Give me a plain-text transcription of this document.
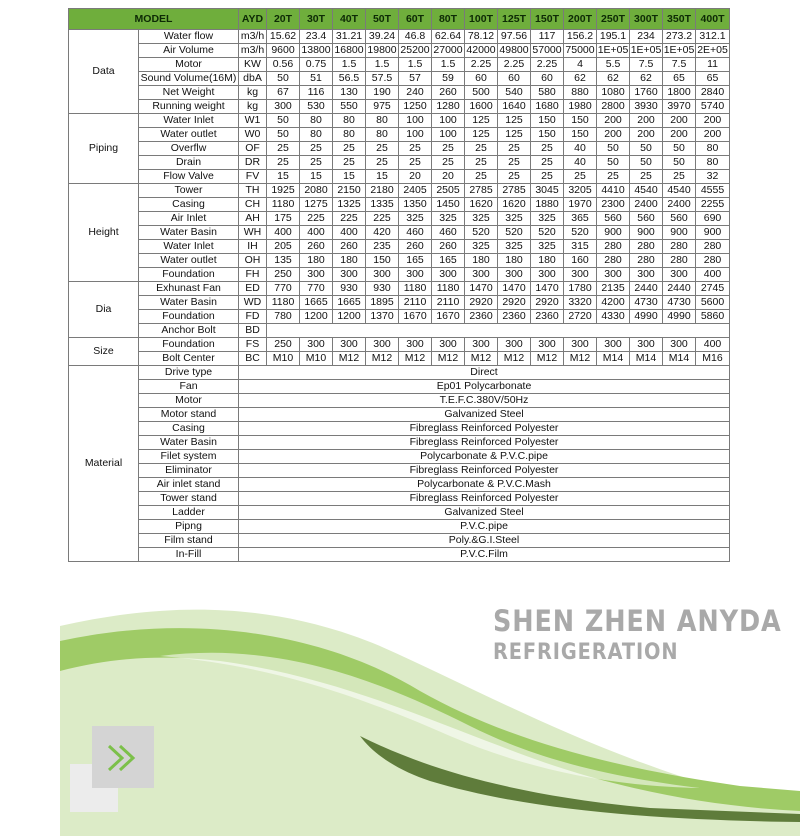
MODEL		AYD	20T	30T	40T	50T	60T	80T	100T	125T	150T	200T	250T	300T	350T	400T
Data	Water flow	m3/h	15.62	23.4	31.21	39.24	46.8	62.64	78.12	97.56	117	156.2	195.1	234	273.2	312.1
	Air Volume	m3/h	9600	13800	16800	19800	25200	27000	42000	49800	57000	75000	1E+05	1E+05	1E+05	2E+05
	Motor	KW	0.56	0.75	1.5	1.5	1.5	1.5	2.25	2.25	2.25	4	5.5	7.5	7.5	11
	Sound Volume(16M)	dbA	50	51	56.5	57.5	57	59	60	60	60	62	62	62	65	65
	Net Weight	kg	67	116	130	190	240	260	500	540	580	880	1080	1760	1800	2840
	Running weight	kg	300	530	550	975	1250	1280	1600	1640	1680	1980	2800	3930	3970	5740
Piping	Water Inlet	W1	50	80	80	80	100	100	125	125	150	150	200	200	200	200
	Water outlet	W0	50	80	80	80	100	100	125	125	150	150	200	200	200	200
	Overflw	OF	25	25	25	25	25	25	25	25	25	40	50	50	50	80
	Drain	DR	25	25	25	25	25	25	25	25	25	40	50	50	50	80
	Flow Valve	FV	15	15	15	15	20	20	25	25	25	25	25	25	25	32
Height	Tower	TH	1925	2080	2150	2180	2405	2505	2785	2785	3045	3205	4410	4540	4540	4555
	Casing	CH	1180	1275	1325	1335	1350	1450	1620	1620	1880	1970	2300	2400	2400	2255
	Air Inlet	AH	175	225	225	225	325	325	325	325	325	365	560	560	560	690
	Water Basin	WH	400	400	400	420	460	460	520	520	520	520	900	900	900	900
	Water Inlet	IH	205	260	260	235	260	260	325	325	325	315	280	280	280	280
	Water outlet	OH	135	180	180	150	165	165	180	180	180	160	280	280	280	280
	Foundation	FH	250	300	300	300	300	300	300	300	300	300	300	300	300	400
Dia	Exhunast Fan	ED	770	770	930	930	1180	1180	1470	1470	1470	1780	2135	2440	2440	2745
	Water Basin	WD	1180	1665	1665	1895	2110	2110	2920	2920	2920	3320	4200	4730	4730	5600
	Foundation	FD	780	1200	1200	1370	1670	1670	2360	2360	2360	2720	4330	4990	4990	5860
	Anchor Bolt	BD														
Size	Foundation	FS	250	300	300	300	300	300	300	300	300	300	300	300	300	400
	Bolt Center	BC	M10	M10	M12	M12	M12	M12	M12	M12	M12	M12	M14	M14	M14	M16
Material	Drive type	Direct														
	Fan	Ep01 Polycarbonate														
	Motor	T.E.F.C.380V/50Hz														
	Motor stand	Galvanized Steel														
	Casing	Fibreglass Reinforced Polyester														
	Water Basin	Fibreglass Reinforced Polyester														
	Filet system	Polycarbonate & P.V.C.pipe														
	Eliminator	Fibreglass Reinforced Polyester														
	Air inlet stand	Polycarbonate & P.V.C.Mash														
	Tower stand	Fibreglass Reinforced Polyester														
	Ladder	Galvanized Steel														
	Pipng	P.V.C.pipe														
	Film stand	Poly.&G.I.Steel														
	In-Fill	P.V.C.Film														
SHEN ZHEN ANYDA
REFRIGERATION
